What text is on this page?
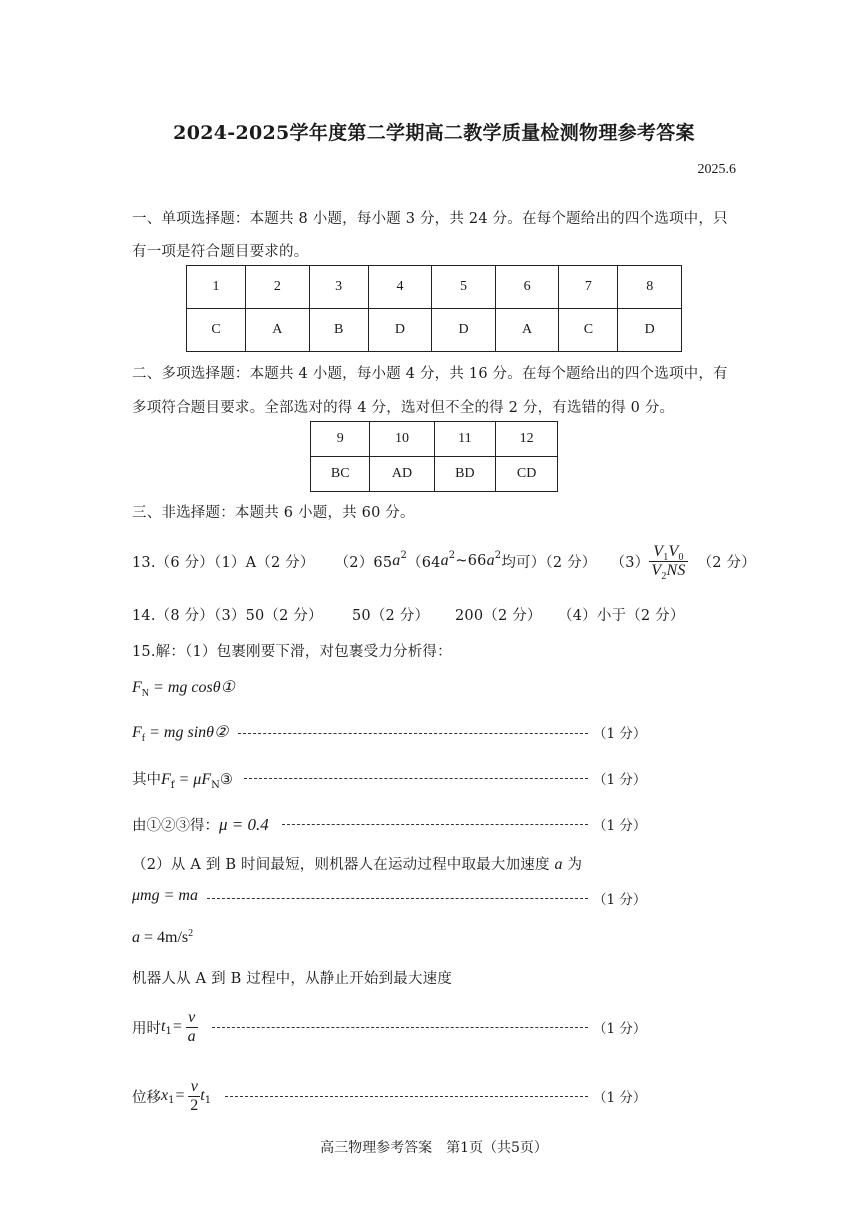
2024-2025学年度第二学期高二教学质量检测物理参考答案
2025.6
一、单项选择题：本题共 8 小题，每小题 3 分，共 24 分。在每个题给出的四个选项中，只
有一项是符合题目要求的。
1	2	3	4	5	6	7	8
C	A	B	D	D	A	C	D
二、多项选择题：本题共 4 小题，每小题 4 分，共 16 分。在每个题给出的四个选项中，有
多项符合题目要求。全部选对的得 4 分，选对但不全的得 2 分，有选错的得 0 分。
9	10	11	12
BC	AD	BD	CD
三、非选择题：本题共 6 小题，共 60 分。
13.（6 分）（1）A（2 分） （2）65 a 2 （64 a 2 ~66 a 2 均可）（2 分） $(3) \frac{V_1V_0}{V_2NS} (2$ 分）
14.（8 分）（3）50（2 分） 50（2 分） 200（2 分） （4）小于（2 分）
15.解：（1）包裹刚要下滑，对包裹受力分析得：
$F_N$ = mg cosθ①
$F_f$ = mg sinθ②	（1 分）
其中$F_f$ = $\mu F_N③$	（1 分）
由①②③得：μ = 0.4	（1 分）
（2）从 A 到 B 时间最短，则机器人在运动过程中取最大加速度 a 为
μmg = ma	（1 分）
$a = 4m/s^2$
机器人从 A 到 B 过程中，从静止开始到最大速度
用时 t $1 = \frac{v}{a}$	（1 分）
位移 x $1 = \frac{v}{2}$ t 1	（1 分）
高三物理参考答案　第1页（共5页）
